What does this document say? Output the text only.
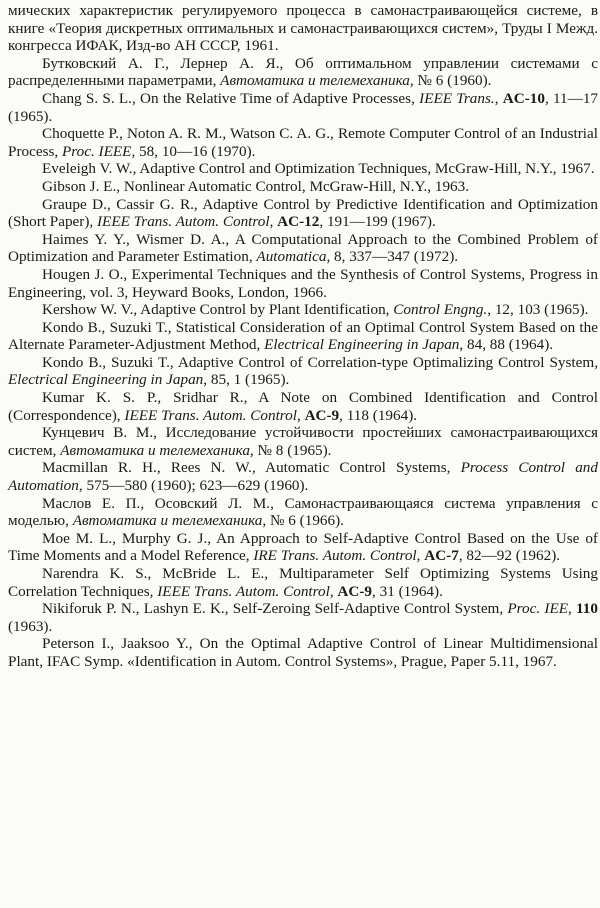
мических характеристик регулируемого процесса в самонастраивающейся системе, в книге «Теория дискретных оптимальных и самонастраивающихся систем», Труды I Межд. конгресса ИФАК, Изд-во АН СССР, 1961.

Бутковский А. Г., Лернер А. Я., Об оптимальном управлении системами с распределенными параметрами, Автоматика и телемеханика, № 6 (1960).

Chang S. S. L., On the Relative Time of Adaptive Processes, IEEE Trans., AC-10, 11—17 (1965).

Choquette P., Noton A. R. M., Watson C. A. G., Remote Computer Control of an Industrial Process, Proc. IEEE, 58, 10—16 (1970).

Eveleigh V. W., Adaptive Control and Optimization Techniques, McGraw-Hill, N.Y., 1967.

Gibson J. E., Nonlinear Automatic Control, McGraw-Hill, N.Y., 1963.

Graupe D., Cassir G. R., Adaptive Control by Predictive Identification and Optimization (Short Paper), IEEE Trans. Autom. Control, AC-12, 191—199 (1967).

Haimes Y. Y., Wismer D. A., A Computational Approach to the Combined Problem of Optimization and Parameter Estimation, Automatica, 8, 337—347 (1972).

Hougen J. O., Experimental Techniques and the Synthesis of Control Systems, Progress in Engineering, vol. 3, Heyward Books, London, 1966.

Kershow W. V., Adaptive Control by Plant Identification, Control Engng., 12, 103 (1965).

Kondo B., Suzuki T., Statistical Consideration of an Optimal Control System Based on the Alternate Parameter-Adjustment Method, Electrical Engineering in Japan, 84, 88 (1964).

Kondo B., Suzuki T., Adaptive Control of Correlation-type Optimalizing Control System, Electrical Engineering in Japan, 85, 1 (1965).

Kumar K. S. P., Sridhar R., A Note on Combined Identification and Control (Correspondence), IEEE Trans. Autom. Control, AC-9, 118 (1964).

Кунцевич В. М., Исследование устойчивости простейших самонастраивающихся систем, Автоматика и телемеханика, № 8 (1965).

Macmillan R. H., Rees N. W., Automatic Control Systems, Process Control and Automation, 575—580 (1960); 623—629 (1960).

Маслов Е. П., Осовский Л. М., Самонастраивающаяся система управления с моделью, Автоматика и телемеханика, № 6 (1966).

Moe M. L., Murphy G. J., An Approach to Self-Adaptive Control Based on the Use of Time Moments and a Model Reference, IRE Trans. Autom. Control, AC-7, 82—92 (1962).

Narendra K. S., McBride L. E., Multiparameter Self Optimizing Systems Using Correlation Techniques, IEEE Trans. Autom. Control, AC-9, 31 (1964).

Nikiforuk P. N., Lashyn E. K., Self-Zeroing Self-Adaptive Control System, Proc. IEE, 110 (1963).

Peterson I., Jaaksoo Y., On the Optimal Adaptive Control of Linear Multidimensional Plant, IFAC Symp. «Identification in Autom. Control Systems», Prague, Paper 5.11, 1967.
